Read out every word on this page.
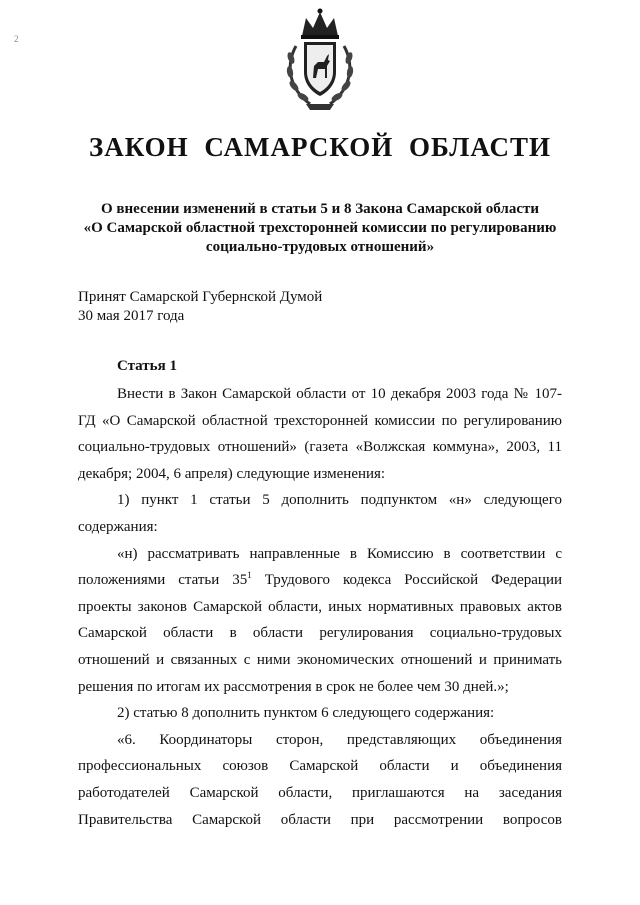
2
ЗАКОН САМАРСКОЙ ОБЛАСТИ
О внесении изменений в статьи 5 и 8 Закона Самарской области
«О Самарской областной трехсторонней комиссии по регулированию
социально-трудовых отношений»
Принят Самарской Губернской Думой
30 мая 2017 года
Статья 1

Внести в Закон Самарской области от 10 декабря 2003 года № 107-ГД «О Самарской областной трехсторонней комиссии по регулированию социально-трудовых отношений» (газета «Волжская коммуна», 2003, 11 декабря; 2004, 6 апреля) следующие изменения:

1) пункт 1 статьи 5 дополнить подпунктом «н» следующего содержания:

«н) рассматривать направленные в Комиссию в соответствии с положениями статьи $35^1$ Трудового кодекса Российской Федерации проекты законов Самарской области, иных нормативных правовых актов Самарской области в области регулирования социально-трудовых отношений и связанных с ними экономических отношений и принимать решения по итогам их рассмотрения в срок не более чем 30 дней.»;

2) статью 8 дополнить пунктом 6 следующего содержания:

«6. Координаторы сторон, представляющих объединения профессиональных союзов Самарской области и объединения работодателей Самарской области, приглашаются на заседания Правительства Самарской области при рассмотрении вопросов
